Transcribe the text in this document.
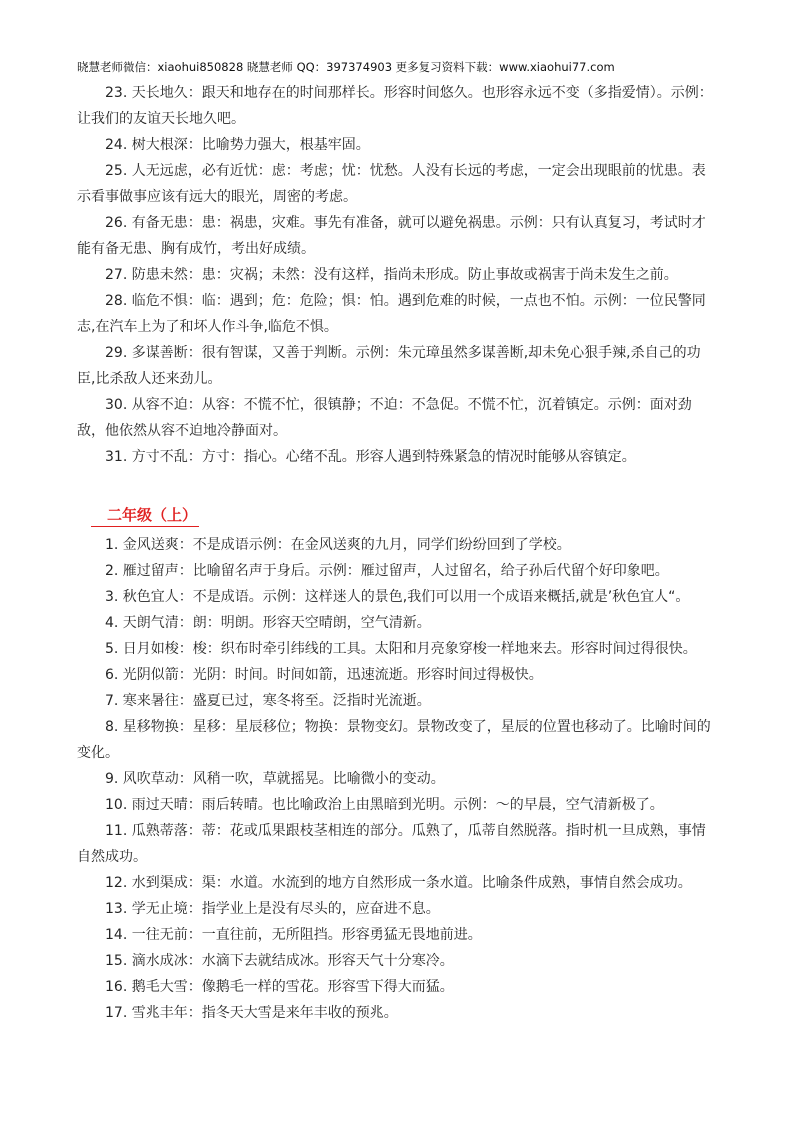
晓慧老师微信：xiaohui850828 晓慧老师 QQ：397374903 更多复习资料下载：www.xiaohui77.com

23. 天长地久：跟天和地存在的时间那样长。形容时间悠久。也形容永远不变（多指爱情）。示例：让我们的友谊天长地久吧。

24. 树大根深：比喻势力强大，根基牢固。

25. 人无远虑，必有近忧：虑：考虑；忧：忧愁。人没有长远的考虑，一定会出现眼前的忧患。表示看事做事应该有远大的眼光，周密的考虑。

26. 有备无患：患：祸患，灾难。事先有准备，就可以避免祸患。示例：只有认真复习，考试时才能有备无患、胸有成竹，考出好成绩。

27. 防患未然：患：灾祸；未然：没有这样，指尚未形成。防止事故或祸害于尚未发生之前。

28. 临危不惧：临：遇到；危：危险；惧：怕。遇到危难的时候，一点也不怕。示例：一位民警同志,在汽车上为了和坏人作斗争,临危不惧。

29. 多谋善断：很有智谋，又善于判断。示例：朱元璋虽然多谋善断,却未免心狠手辣,杀自己的功臣,比杀敌人还来劲儿。

30. 从容不迫：从容：不慌不忙，很镇静；不迫：不急促。不慌不忙，沉着镇定。示例：面对劲敌，他依然从容不迫地冷静面对。

31. 方寸不乱：方寸：指心。心绪不乱。形容人遇到特殊紧急的情况时能够从容镇定。

二年级（上）

1. 金风送爽：不是成语示例：在金风送爽的九月，同学们纷纷回到了学校。

2. 雁过留声：比喻留名声于身后。示例：雁过留声，人过留名，给子孙后代留个好印象吧。

3. 秋色宜人：不是成语。示例：这样迷人的景色,我们可以用一个成语来概括,就是’秋色宜人“。

4. 天朗气清：朗：明朗。形容天空晴朗，空气清新。

5. 日月如梭：梭：织布时牵引纬线的工具。太阳和月亮象穿梭一样地来去。形容时间过得很快。

6. 光阴似箭：光阴：时间。时间如箭，迅速流逝。形容时间过得极快。

7. 寒来暑往：盛夏已过，寒冬将至。泛指时光流逝。

8. 星移物换：星移：星辰移位；物换：景物变幻。景物改变了，星辰的位置也移动了。比喻时间的变化。

9. 风吹草动：风稍一吹，草就摇晃。比喻微小的变动。

10. 雨过天晴：雨后转晴。也比喻政治上由黑暗到光明。示例：～的早晨，空气清新极了。

11. 瓜熟蒂落：蒂：花或瓜果跟枝茎相连的部分。瓜熟了，瓜蒂自然脱落。指时机一旦成熟，事情自然成功。

12. 水到渠成：渠：水道。水流到的地方自然形成一条水道。比喻条件成熟，事情自然会成功。

13. 学无止境：指学业上是没有尽头的，应奋进不息。

14. 一往无前：一直往前，无所阻挡。形容勇猛无畏地前进。

15. 滴水成冰：水滴下去就结成冰。形容天气十分寒冷。

16. 鹅毛大雪：像鹅毛一样的雪花。形容雪下得大而猛。

17. 雪兆丰年：指冬天大雪是来年丰收的预兆。
